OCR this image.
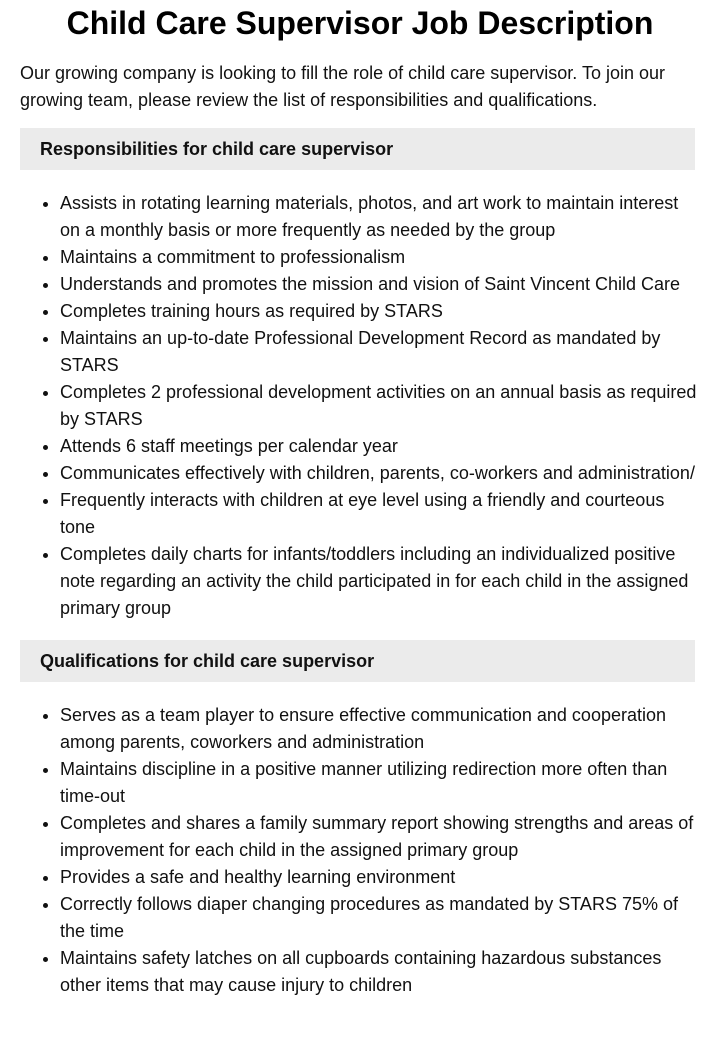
Child Care Supervisor Job Description

Our growing company is looking to fill the role of child care supervisor. To join our growing team, please review the list of responsibilities and qualifications.

Responsibilities for child care supervisor
• Assists in rotating learning materials, photos, and art work to maintain interest on a monthly basis or more frequently as needed by the group
• Maintains a commitment to professionalism
• Understands and promotes the mission and vision of Saint Vincent Child Care
• Completes training hours as required by STARS
• Maintains an up-to-date Professional Development Record as mandated by STARS
• Completes 2 professional development activities on an annual basis as required by STARS
• Attends 6 staff meetings per calendar year
• Communicates effectively with children, parents, co-workers and administration/
• Frequently interacts with children at eye level using a friendly and courteous tone
• Completes daily charts for infants/toddlers including an individualized positive note regarding an activity the child participated in for each child in the assigned primary group
Qualifications for child care supervisor
• Serves as a team player to ensure effective communication and cooperation among parents, coworkers and administration
• Maintains discipline in a positive manner utilizing redirection more often than time-out
• Completes and shares a family summary report showing strengths and areas of improvement for each child in the assigned primary group
• Provides a safe and healthy learning environment
• Correctly follows diaper changing procedures as mandated by STARS 75% of the time
• Maintains safety latches on all cupboards containing hazardous substances other items that may cause injury to children
